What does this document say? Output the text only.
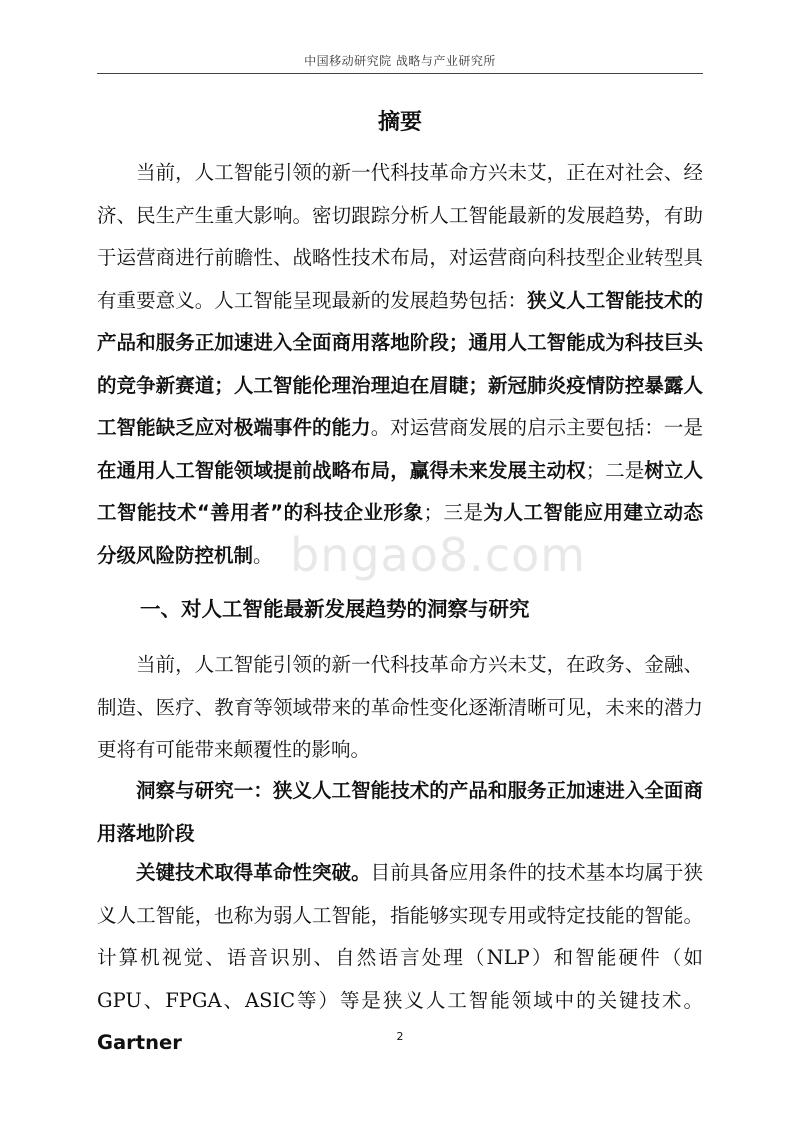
中国移动研究院 战略与产业研究所
摘要

当前，人工智能引领的新一代科技革命方兴未艾，正在对社会、经济、民生产生重大影响。密切跟踪分析人工智能最新的发展趋势，有助于运营商进行前瞻性、战略性技术布局，对运营商向科技型企业转型具有重要意义。人工智能呈现最新的发展趋势包括：狭义人工智能技术的产品和服务正加速进入全面商用落地阶段；通用人工智能成为科技巨头的竞争新赛道；人工智能伦理治理迫在眉睫；新冠肺炎疫情防控暴露人工智能缺乏应对极端事件的能力。对运营商发展的启示主要包括：一是在通用人工智能领域提前战略布局，赢得未来发展主动权；二是树立人工智能技术“善用者”的科技企业形象；三是为人工智能应用建立动态分级风险防控机制。 bngao8.com
一、对人工智能最新发展趋势的洞察与研究

当前，人工智能引领的新一代科技革命方兴未艾，在政务、金融、制造、医疗、教育等领域带来的革命性变化逐渐清晰可见，未来的潜力更将有可能带来颠覆性的影响。

洞察与研究一：狭义人工智能技术的产品和服务正加速进入全面商用落地阶段

关键技术取得革命性突破。目前具备应用条件的技术基本均属于狭义人工智能，也称为弱人工智能，指能够实现专用或特定技能的智能。计算机视觉、语音识别、自然语言处理（NLP）和智能硬件（如GPU、FPGA、ASIC等）等是狭义人工智能领域中的关键技术。Gartner	2
